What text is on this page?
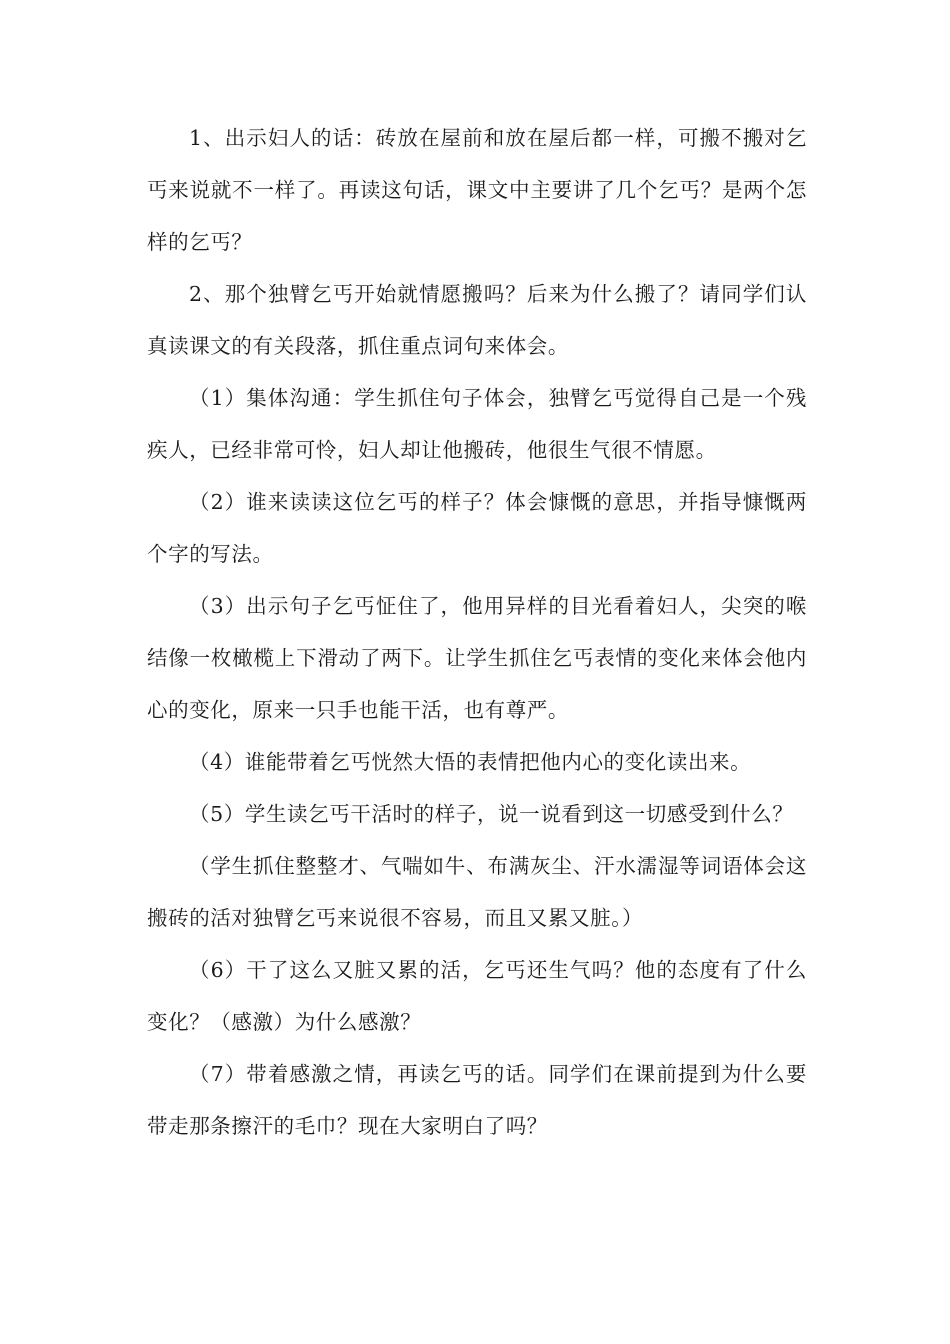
1、出示妇人的话：砖放在屋前和放在屋后都一样，可搬不搬对乞丐来说就不一样了。再读这句话，课文中主要讲了几个乞丐？是两个怎样的乞丐？

2、那个独臂乞丐开始就情愿搬吗？后来为什么搬了？请同学们认真读课文的有关段落，抓住重点词句来体会。

（1）集体沟通：学生抓住句子体会，独臂乞丐觉得自己是一个残疾人，已经非常可怜，妇人却让他搬砖，他很生气很不情愿。

（2）谁来读读这位乞丐的样子？体会慷慨的意思，并指导慷慨两个字的写法。

（3）出示句子乞丐怔住了，他用异样的目光看着妇人，尖突的喉结像一枚橄榄上下滑动了两下。让学生抓住乞丐表情的变化来体会他内心的变化，原来一只手也能干活，也有尊严。

（4）谁能带着乞丐恍然大悟的表情把他内心的变化读出来。

（5）学生读乞丐干活时的样子，说一说看到这一切感受到什么？

（学生抓住整整才、气喘如牛、布满灰尘、汗水濡湿等词语体会这搬砖的活对独臂乞丐来说很不容易，而且又累又脏。）

（6）干了这么又脏又累的活，乞丐还生气吗？他的态度有了什么变化？（感激）为什么感激？

（7）带着感激之情，再读乞丐的话。同学们在课前提到为什么要带走那条擦汗的毛巾？现在大家明白了吗？
